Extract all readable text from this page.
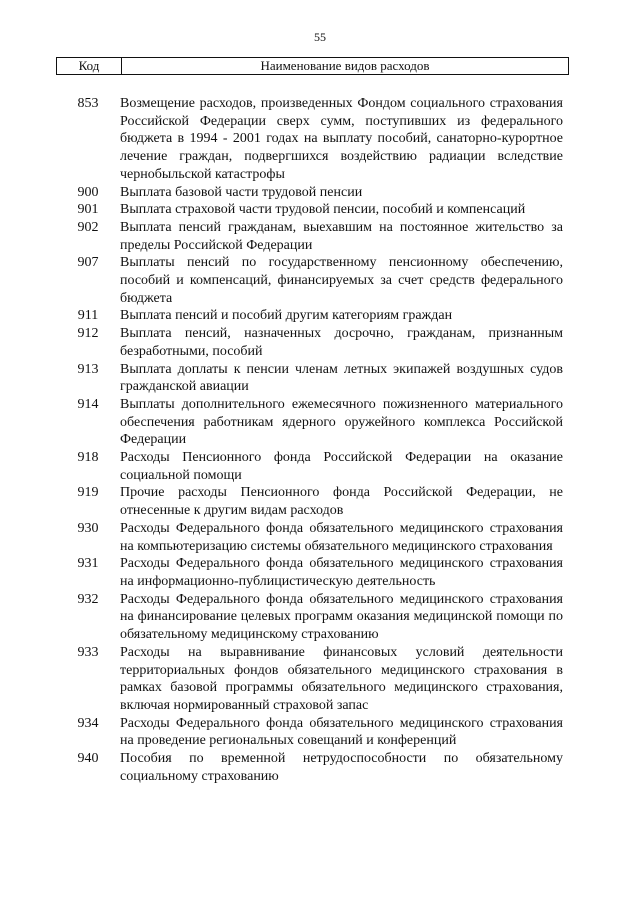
55
Код	Наименование видов расходов
853	Возмещение расходов, произведенных Фондом социального страхования Российской Федерации сверх сумм, поступивших из федерального бюджета в 1994 - 2001 годах на выплату пособий, санаторно-курортное лечение граждан, подвергшихся воздействию радиации вследствие чернобыльской катастрофы
900	Выплата базовой части трудовой пенсии
901	Выплата страховой части трудовой пенсии, пособий и компенсаций
902	Выплата пенсий гражданам, выехавшим на постоянное жительство за пределы Российской Федерации
907	Выплаты пенсий по государственному пенсионному обеспечению, пособий и компенсаций, финансируемых за счет средств федерального бюджета
911	Выплата пенсий и пособий другим категориям граждан
912	Выплата пенсий, назначенных досрочно, гражданам, признанным безработными, пособий
913	Выплата доплаты к пенсии членам летных экипажей воздушных судов гражданской авиации
914	Выплаты дополнительного ежемесячного пожизненного материального обеспечения работникам ядерного оружейного комплекса Российской Федерации
918	Расходы Пенсионного фонда Российской Федерации на оказание социальной помощи
919	Прочие расходы Пенсионного фонда Российской Федерации, не отнесенные к другим видам расходов
930	Расходы Федерального фонда обязательного медицинского страхования на компьютеризацию системы обязательного медицинского страхования
931	Расходы Федерального фонда обязательного медицинского страхования на информационно-публицистическую деятельность
932	Расходы Федерального фонда обязательного медицинского страхования на финансирование целевых программ оказания медицинской помощи по обязательному медицинскому страхованию
933	Расходы на выравнивание финансовых условий деятельности территориальных фондов обязательного медицинского страхования в рамках базовой программы обязательного медицинского страхования, включая нормированный страховой запас
934	Расходы Федерального фонда обязательного медицинского страхования на проведение региональных совещаний и конференций
940	Пособия по временной нетрудоспособности по обязательному социальному страхованию
